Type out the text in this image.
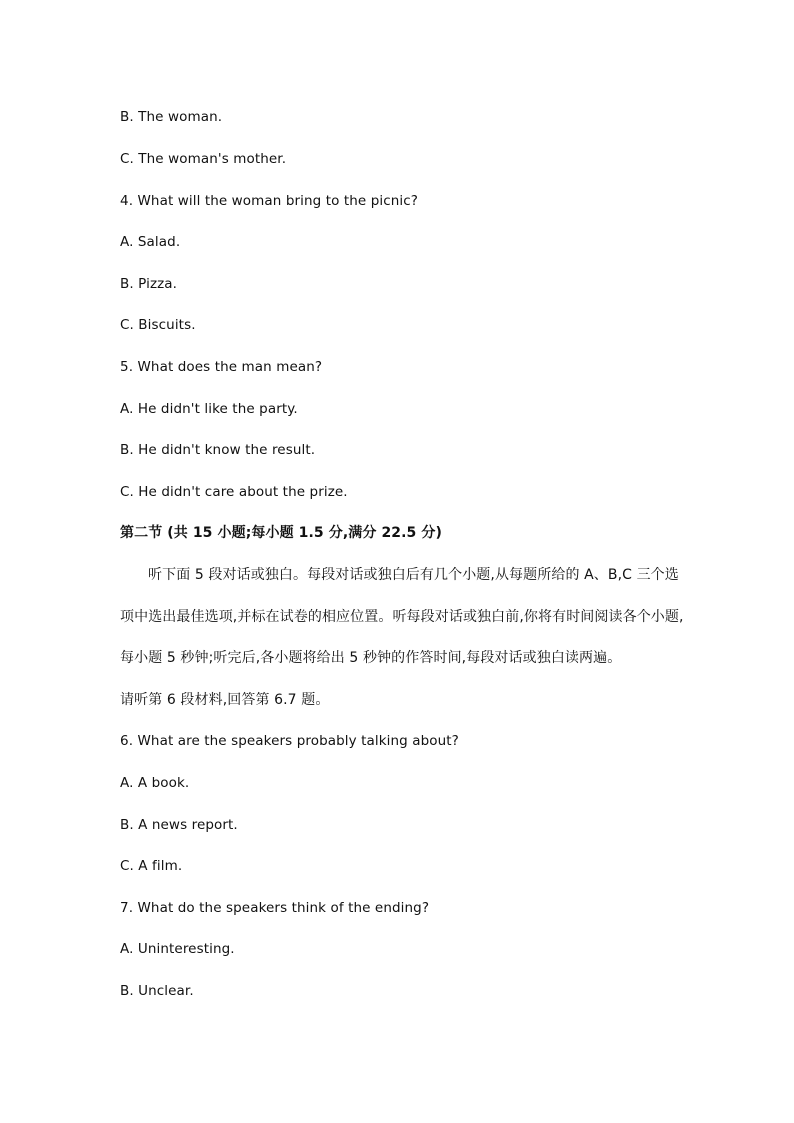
B. The woman.
C. The woman's mother.
4. What will the woman bring to the picnic?
A. Salad.
B. Pizza.
C. Biscuits.
5. What does the man mean?
A. He didn't like the party.
B. He didn't know the result.
C. He didn't care about the prize.
第二节 (共 15 小题;每小题 1.5 分,满分 22.5 分)
听下面 5 段对话或独白。每段对话或独白后有几个小题,从每题所给的 A、B,C 三个选
项中选出最佳选项,并标在试卷的相应位置。听每段对话或独白前,你将有时间阅读各个小题,
每小题 5 秒钟;听完后,各小题将给出 5 秒钟的作答时间,每段对话或独白读两遍。
请听第 6 段材料,回答第 6.7 题。
6. What are the speakers probably talking about?
A. A book.
B. A news report.
C. A film.
7. What do the speakers think of the ending?
A. Uninteresting.
B. Unclear.
